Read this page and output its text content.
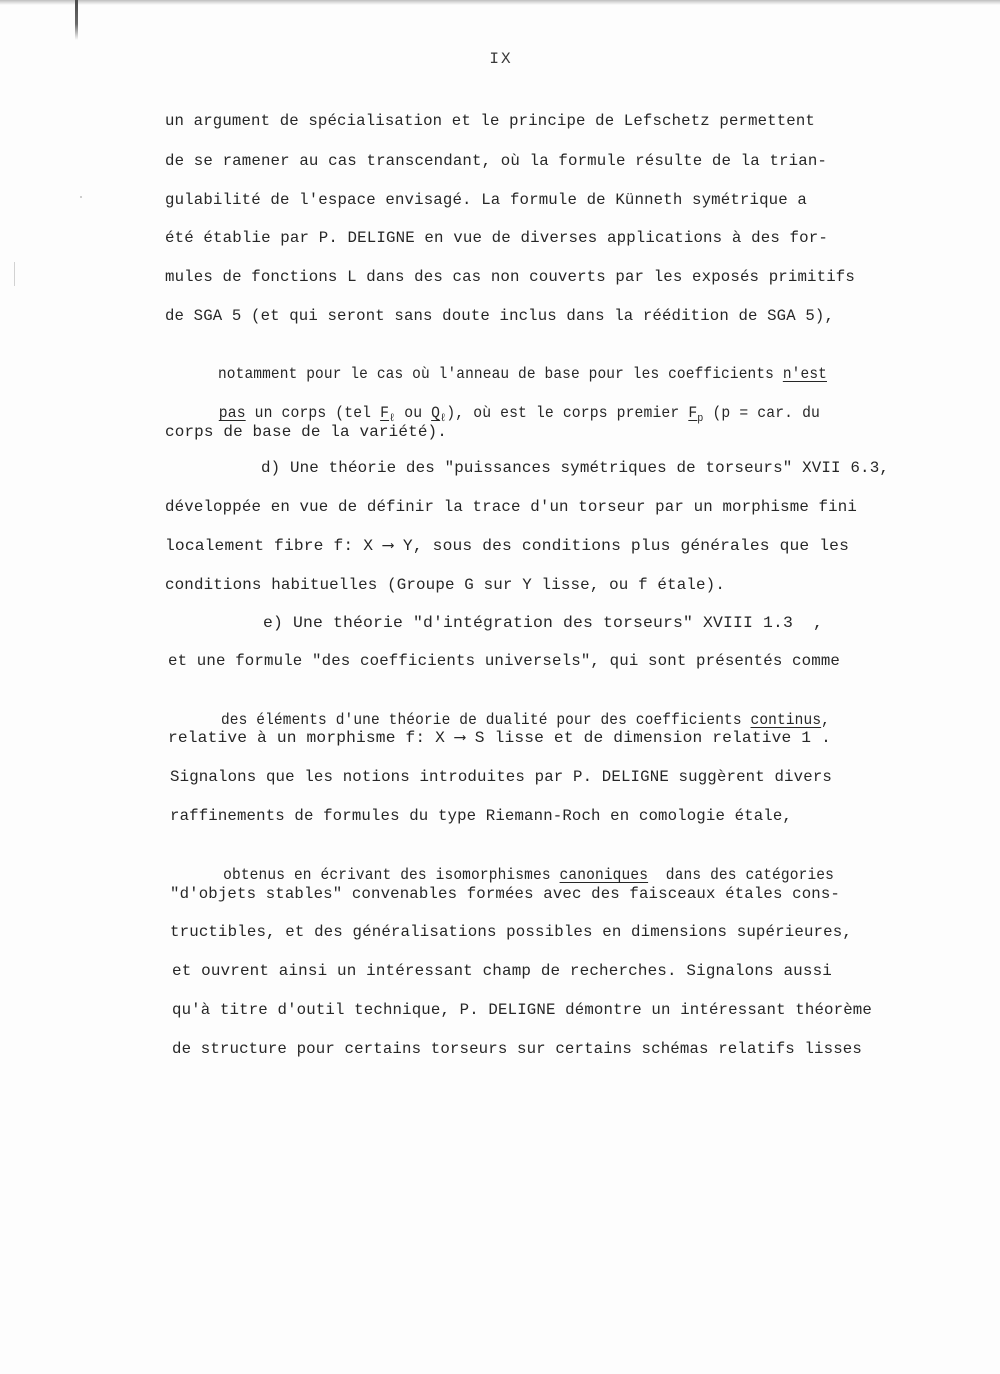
IX
un argument de spécialisation et le principe de Lefschetz permettent
de se ramener au cas transcendant, où la formule résulte de la trian-
gulabilité de l'espace envisagé. La formule de Künneth symétrique a
été établie par P. DELIGNE en vue de diverses applications à des for-
mules de fonctions L dans des cas non couverts par les exposés primitifs
de SGA 5 (et qui seront sans doute inclus dans la réédition de SGA 5),

notamment pour le cas où l'anneau de base pour les coefficients n'est

pas un corps (tel $F_\ell$ ou $Q_\ell$), où est le corps premier $F_p$ (p = car. du

corps de base de la variété).
d) Une théorie des "puissances symétriques de torseurs" XVII 6.3,
développée en vue de définir la trace d'un torseur par un morphisme fini
localement fibre f: X ⟶ Y, sous des conditions plus générales que les
conditions habituelles (Groupe G sur Y lisse, ou f étale).
e) Une théorie "d'intégration des torseurs" XVIII 1.3  ,
et une formule "des coefficients universels", qui sont présentés comme

des éléments d'une théorie de dualité pour des coefficients continus,

relative à un morphisme f: X ⟶ S lisse et de dimension relative 1 .
Signalons que les notions introduites par P. DELIGNE suggèrent divers
raffinements de formules du type Riemann-Roch en comologie étale,

obtenus en écrivant des isomorphismes canoniques  dans des catégories

"d'objets stables" convenables formées avec des faisceaux étales cons-
tructibles, et des généralisations possibles en dimensions supérieures,
et ouvrent ainsi un intéressant champ de recherches. Signalons aussi
qu'à titre d'outil technique, P. DELIGNE démontre un intéressant théorème
de structure pour certains torseurs sur certains schémas relatifs lisses
